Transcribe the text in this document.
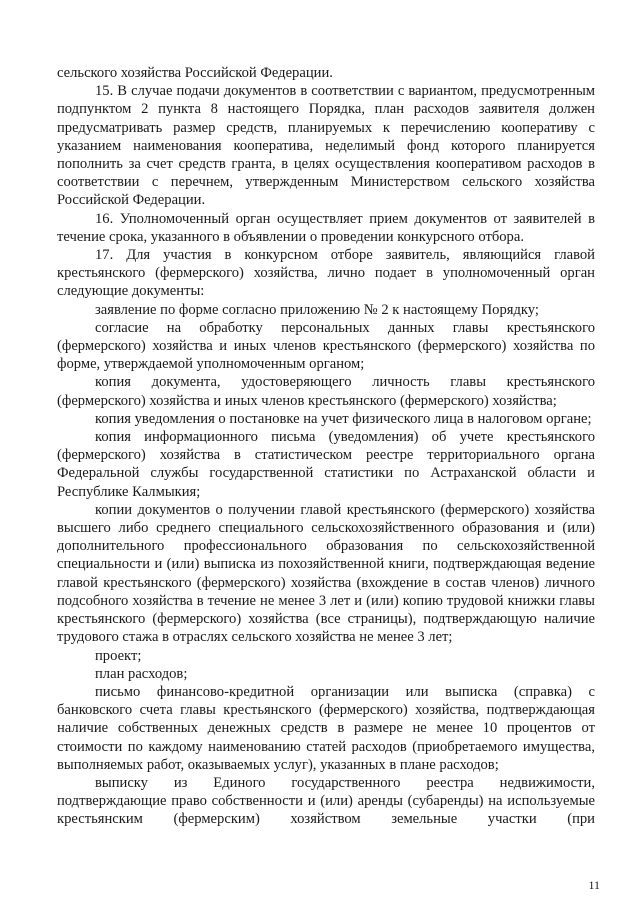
сельского хозяйства Российской Федерации.

15. В случае подачи документов в соответствии с вариантом, предусмотренным подпунктом 2 пункта 8 настоящего Порядка, план расходов заявителя должен предусматривать размер средств, планируемых к перечислению кооперативу с указанием наименования кооператива, неделимый фонд которого планируется пополнить за счет средств гранта, в целях осуществления кооперативом расходов в соответствии с перечнем, утвержденным Министерством сельского хозяйства Российской Федерации.

16. Уполномоченный орган осуществляет прием документов от заявителей в течение срока, указанного в объявлении о проведении конкурсного отбора.

17. Для участия в конкурсном отборе заявитель, являющийся главой крестьянского (фермерского) хозяйства, лично подает в уполномоченный орган следующие документы:

заявление по форме согласно приложению № 2 к настоящему Порядку;

согласие на обработку персональных данных главы крестьянского (фермерского) хозяйства и иных членов крестьянского (фермерского) хозяйства по форме, утверждаемой уполномоченным органом;

копия документа, удостоверяющего личность главы крестьянского (фермерского) хозяйства и иных членов крестьянского (фермерского) хозяйства;

копия уведомления о постановке на учет физического лица в налоговом органе;

копия информационного письма (уведомления) об учете крестьянского (фермерского) хозяйства в статистическом реестре территориального органа Федеральной службы государственной статистики по Астраханской области и Республике Калмыкия;

копии документов о получении главой крестьянского (фермерского) хозяйства высшего либо среднего специального сельскохозяйственного образования и (или) дополнительного профессионального образования по сельскохозяйственной специальности и (или) выписка из похозяйственной книги, подтверждающая ведение главой крестьянского (фермерского) хозяйства (вхождение в состав членов) личного подсобного хозяйства в течение не менее 3 лет и (или) копию трудовой книжки главы крестьянского (фермерского) хозяйства (все страницы), подтверждающую наличие трудового стажа в отраслях сельского хозяйства не менее 3 лет;

проект;

план расходов;

письмо финансово-кредитной организации или выписка (справка) с банковского счета главы крестьянского (фермерского) хозяйства, подтверждающая наличие собственных денежных средств в размере не менее 10 процентов от стоимости по каждому наименованию статей расходов (приобретаемого имущества, выполняемых работ, оказываемых услуг), указанных в плане расходов;

выписку из Единого государственного реестра недвижимости, подтверждающие право собственности и (или) аренды (субаренды) на используемые крестьянским (фермерским) хозяйством земельные участки (при

11
